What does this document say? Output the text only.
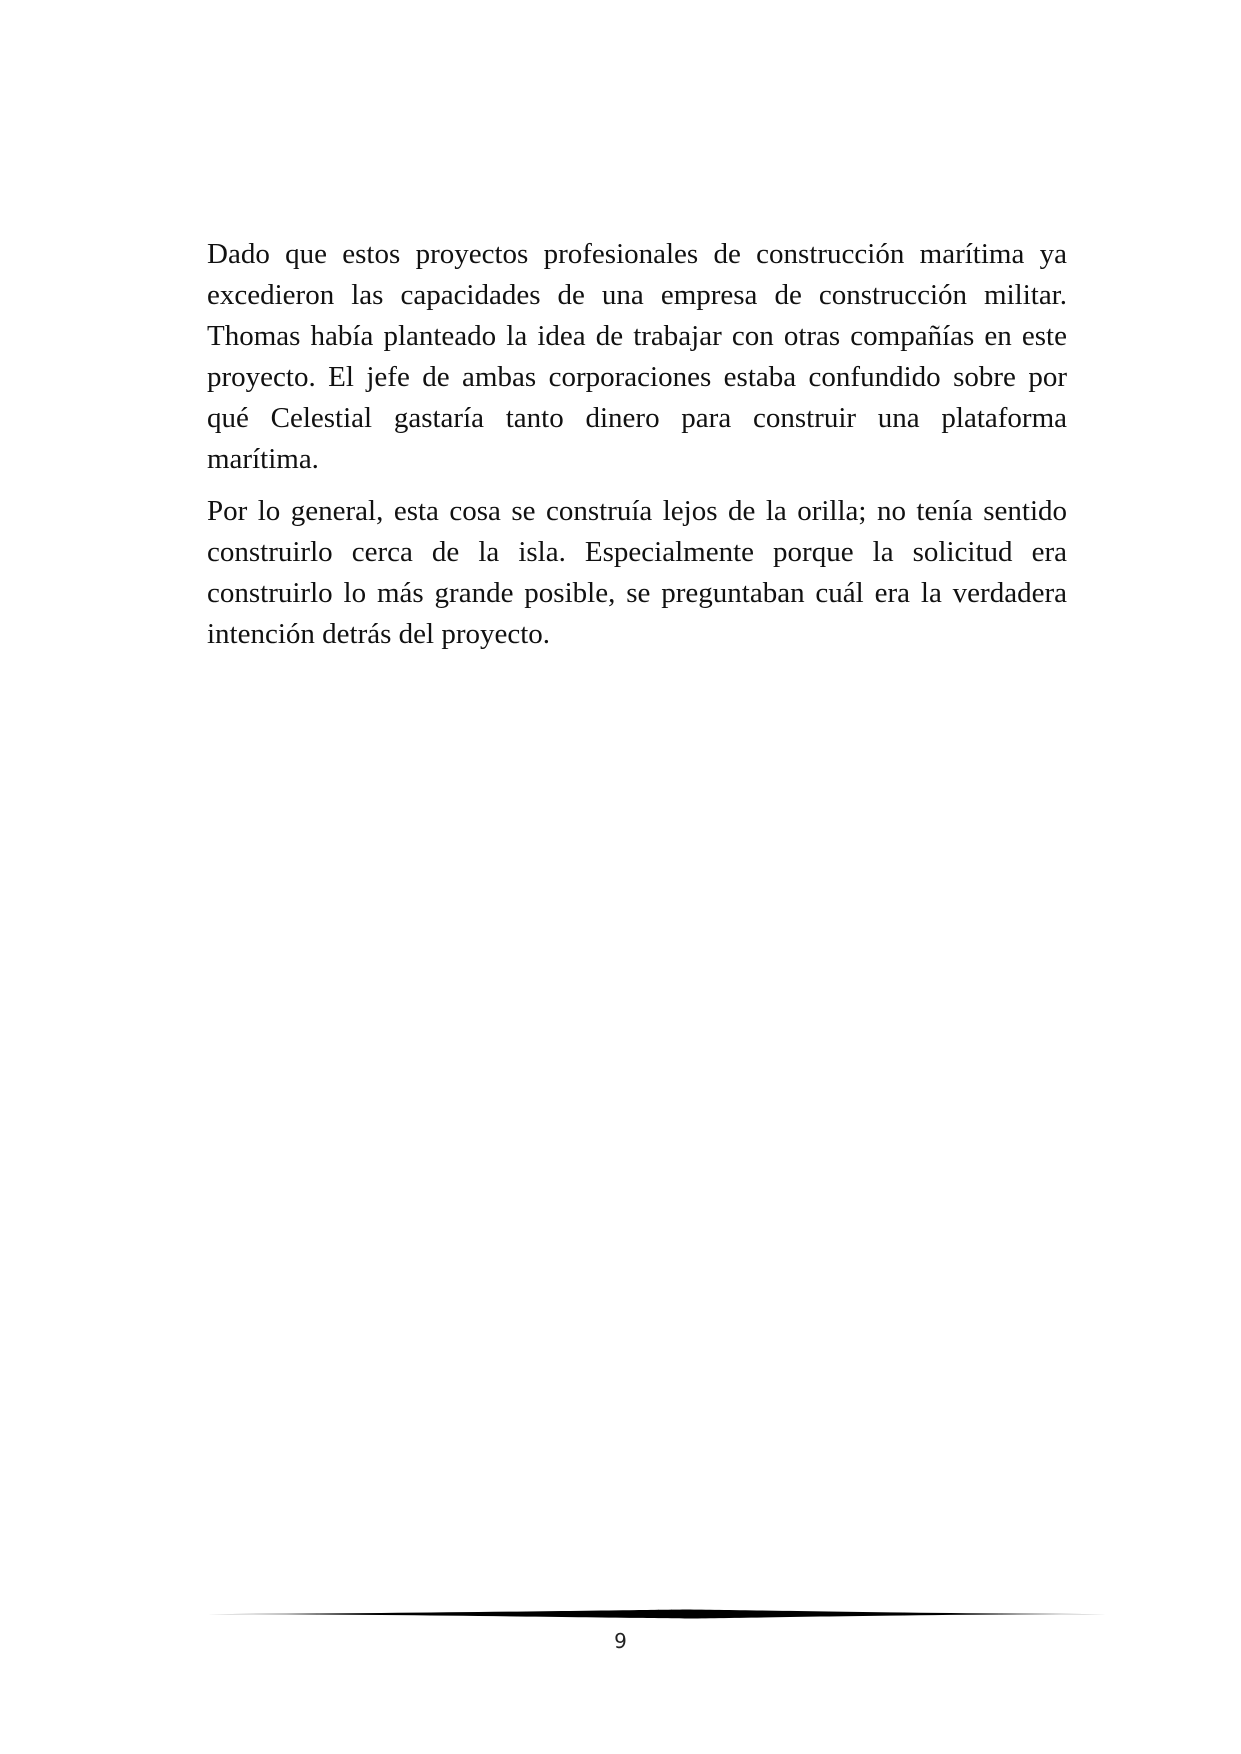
Dado que estos proyectos profesionales de construcción marítima ya excedieron las capacidades de una empresa de construcción militar. Thomas había planteado la idea de trabajar con otras compañías en este proyecto. El jefe de ambas corporaciones estaba confundido sobre por qué Celestial gastaría tanto dinero para construir una plataforma marítima.

Por lo general, esta cosa se construía lejos de la orilla; no tenía sentido construirlo cerca de la isla. Especialmente porque la solicitud era construirlo lo más grande posible, se preguntaban cuál era la verdadera intención detrás del proyecto.

9
